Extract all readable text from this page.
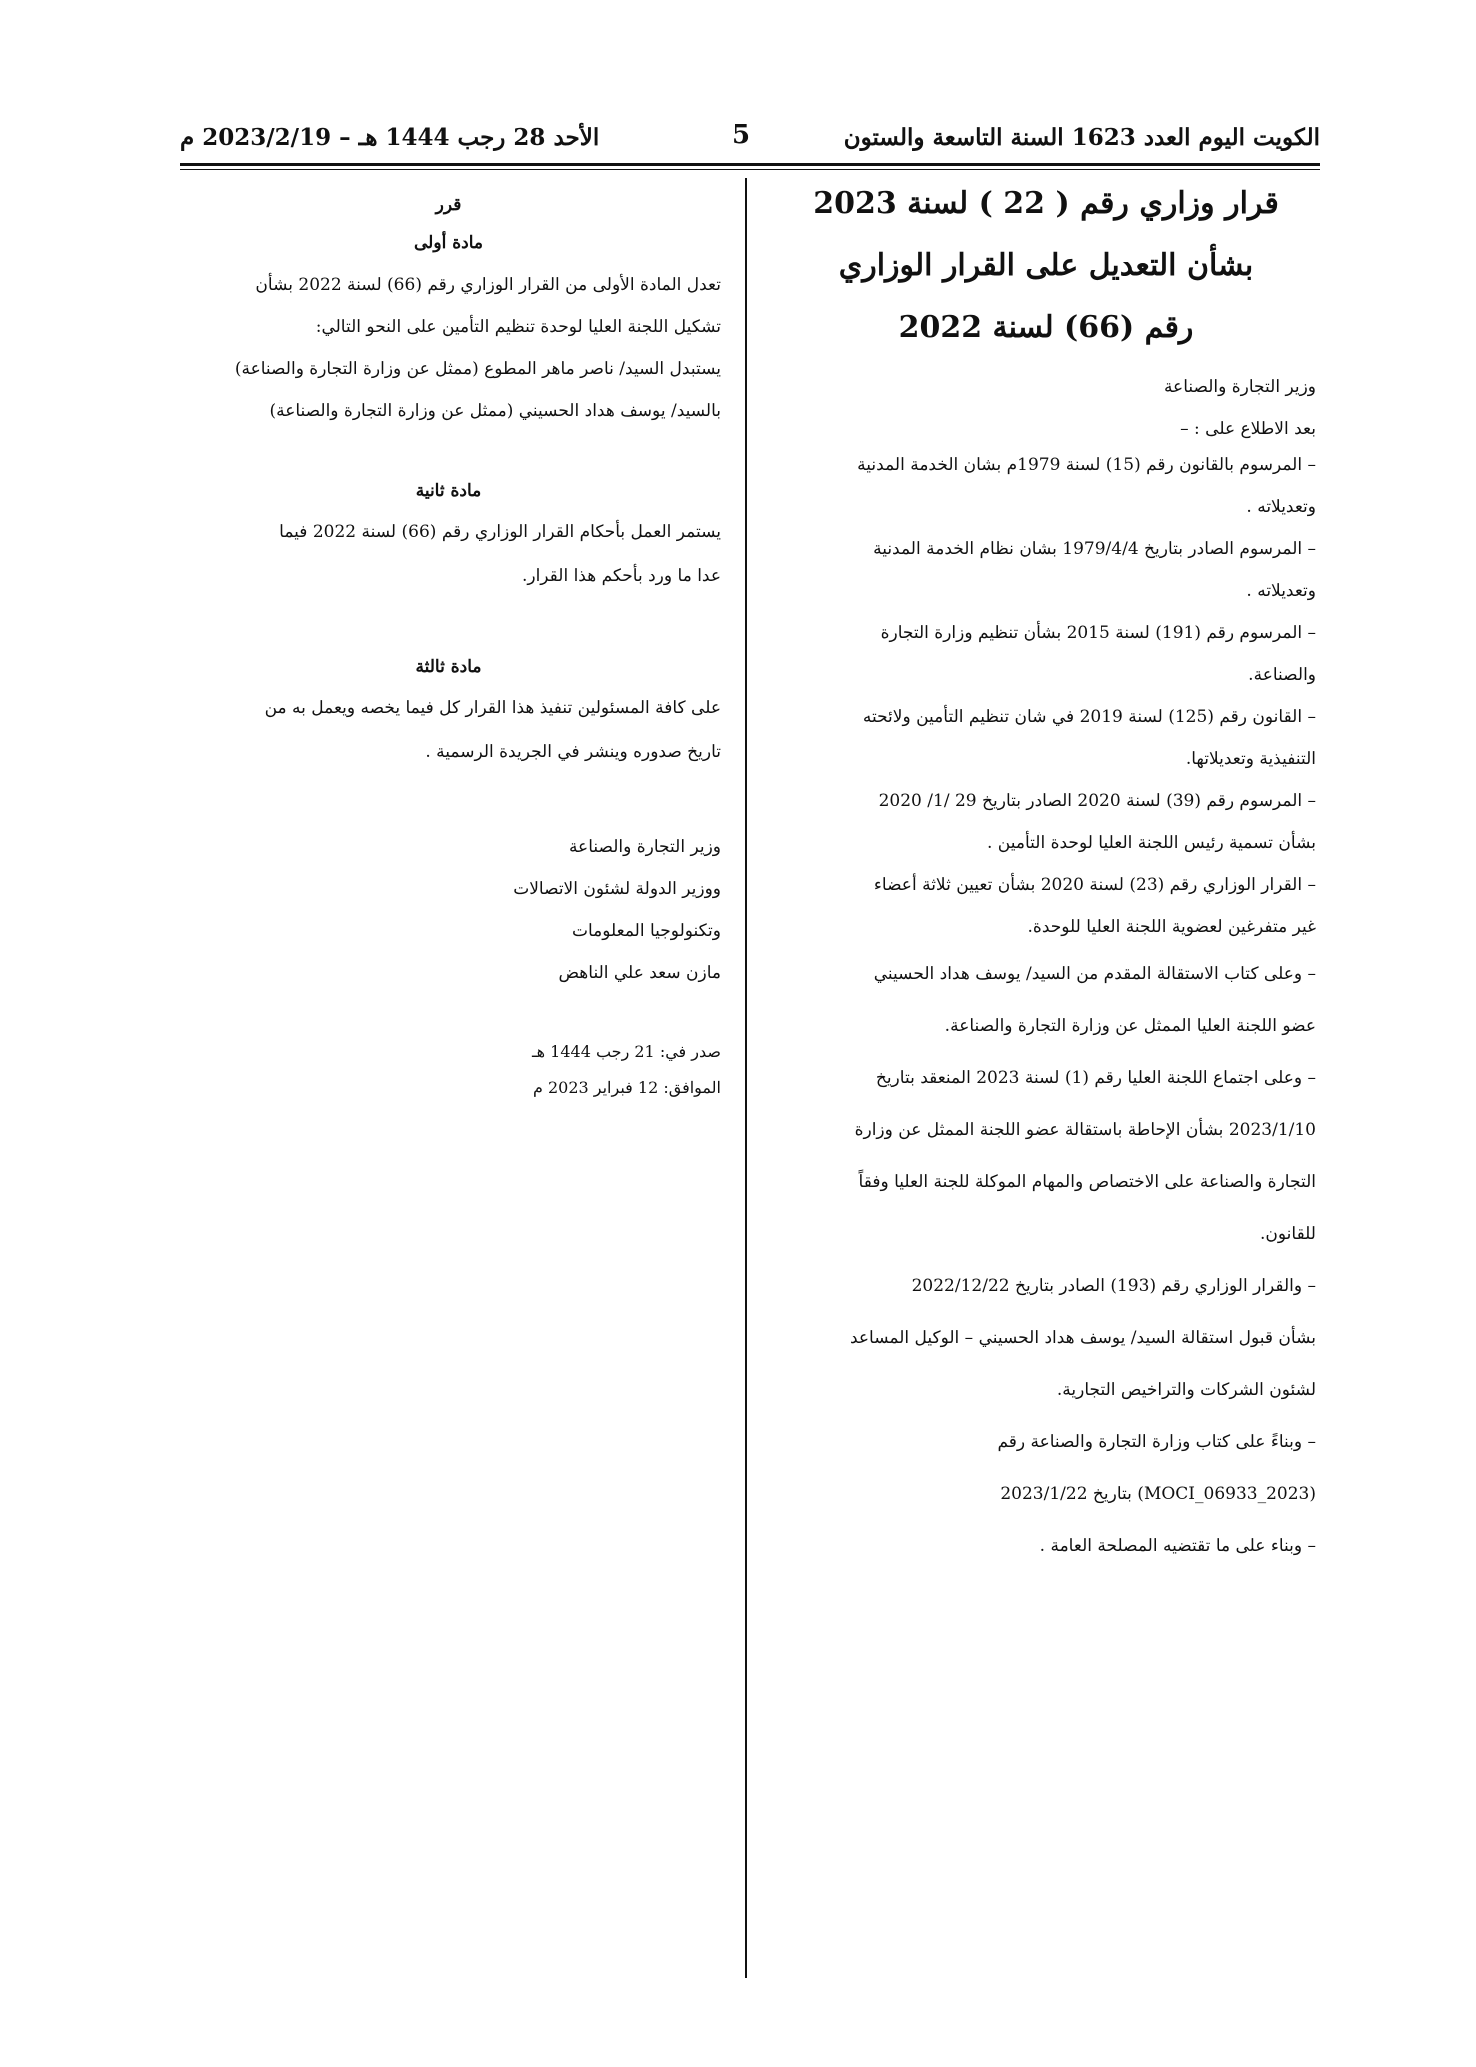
الكويت اليوم العدد 1623 السنة التاسعة والستون
5
الأحد 28 رجب 1444 هـ – 2023/2/19 م

قرار وزاري رقم ( 22 ) لسنة 2023

بشأن التعديل على القرار الوزاري

رقم (66) لسنة 2022

وزير التجارة والصناعة
بعد الاطلاع على : –
– المرسوم بالقانون رقم (15) لسنة 1979م بشان الخدمة المدنية
وتعديلاته .
– المرسوم الصادر بتاريخ 1979/4/4 بشان نظام الخدمة المدنية
وتعديلاته .
– المرسوم رقم (191) لسنة 2015 بشأن تنظيم وزارة التجارة
والصناعة.
– القانون رقم (125) لسنة 2019 في شان تنظيم التأمين ولائحته
التنفيذية وتعديلاتها.
– المرسوم رقم (39) لسنة 2020 الصادر بتاريخ 29 /1/ 2020
بشأن تسمية رئيس اللجنة العليا لوحدة التأمين .
– القرار الوزاري رقم (23) لسنة 2020 بشأن تعيين ثلاثة أعضاء
غير متفرغين لعضوية اللجنة العليا للوحدة.
– وعلى كتاب الاستقالة المقدم من السيد/ يوسف هداد الحسيني
عضو اللجنة العليا الممثل عن وزارة التجارة والصناعة.
– وعلى اجتماع اللجنة العليا رقم (1) لسنة 2023 المنعقد بتاريخ
2023/1/10 بشأن الإحاطة باستقالة عضو اللجنة الممثل عن وزارة
التجارة والصناعة على الاختصاص والمهام الموكلة للجنة العليا وفقاً
للقانون.
– والقرار الوزاري رقم (193) الصادر بتاريخ 2022/12/22
بشأن قبول استقالة السيد/ يوسف هداد الحسيني – الوكيل المساعد
لشئون الشركات والتراخيص التجارية.
– وبناءً على كتاب وزارة التجارة والصناعة رقم
(MOCI_06933_2023) بتاريخ 2023/1/22
– وبناء على ما تقتضيه المصلحة العامة .
قرر
مادة أولى
تعدل المادة الأولى من القرار الوزاري رقم (66) لسنة 2022 بشأن
تشكيل اللجنة العليا لوحدة تنظيم التأمين على النحو التالي:
يستبدل السيد/ ناصر ماهر المطوع (ممثل عن وزارة التجارة والصناعة)
بالسيد/ يوسف هداد الحسيني (ممثل عن وزارة التجارة والصناعة)
مادة ثانية
يستمر العمل بأحكام القرار الوزاري رقم (66) لسنة 2022 فيما
عدا ما ورد بأحكم هذا القرار.
مادة ثالثة
على كافة المسئولين تنفيذ هذا القرار كل فيما يخصه ويعمل به من
تاريخ صدوره وينشر في الجريدة الرسمية .
وزير التجارة والصناعة
ووزير الدولة لشئون الاتصالات
وتكنولوجيا المعلومات
مازن سعد علي الناهض
صدر في: 21 رجب 1444 هـ
الموافق: 12 فبراير 2023 م
